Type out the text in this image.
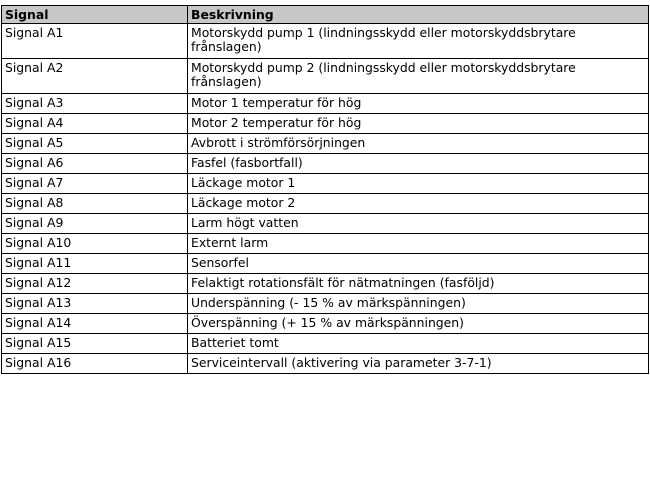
Signal	Beskrivning
Signal A1	Motorskydd pump 1 (lindningsskydd eller motorskyddsbrytare frånslagen)
Signal A2	Motorskydd pump 2 (lindningsskydd eller motorskyddsbrytare frånslagen)
Signal A3	Motor 1 temperatur för hög
Signal A4	Motor 2 temperatur för hög
Signal A5	Avbrott i strömförsörjningen
Signal A6	Fasfel (fasbortfall)
Signal A7	Läckage motor 1
Signal A8	Läckage motor 2
Signal A9	Larm högt vatten
Signal A10	Externt larm
Signal A11	Sensorfel
Signal A12	Felaktigt rotationsfält för nätmatningen (fasföljd)
Signal A13	Underspänning (- 15 % av märkspänningen)
Signal A14	Överspänning (+ 15 % av märkspänningen)
Signal A15	Batteriet tomt
Signal A16	Serviceintervall (aktivering via parameter 3-7-1)
